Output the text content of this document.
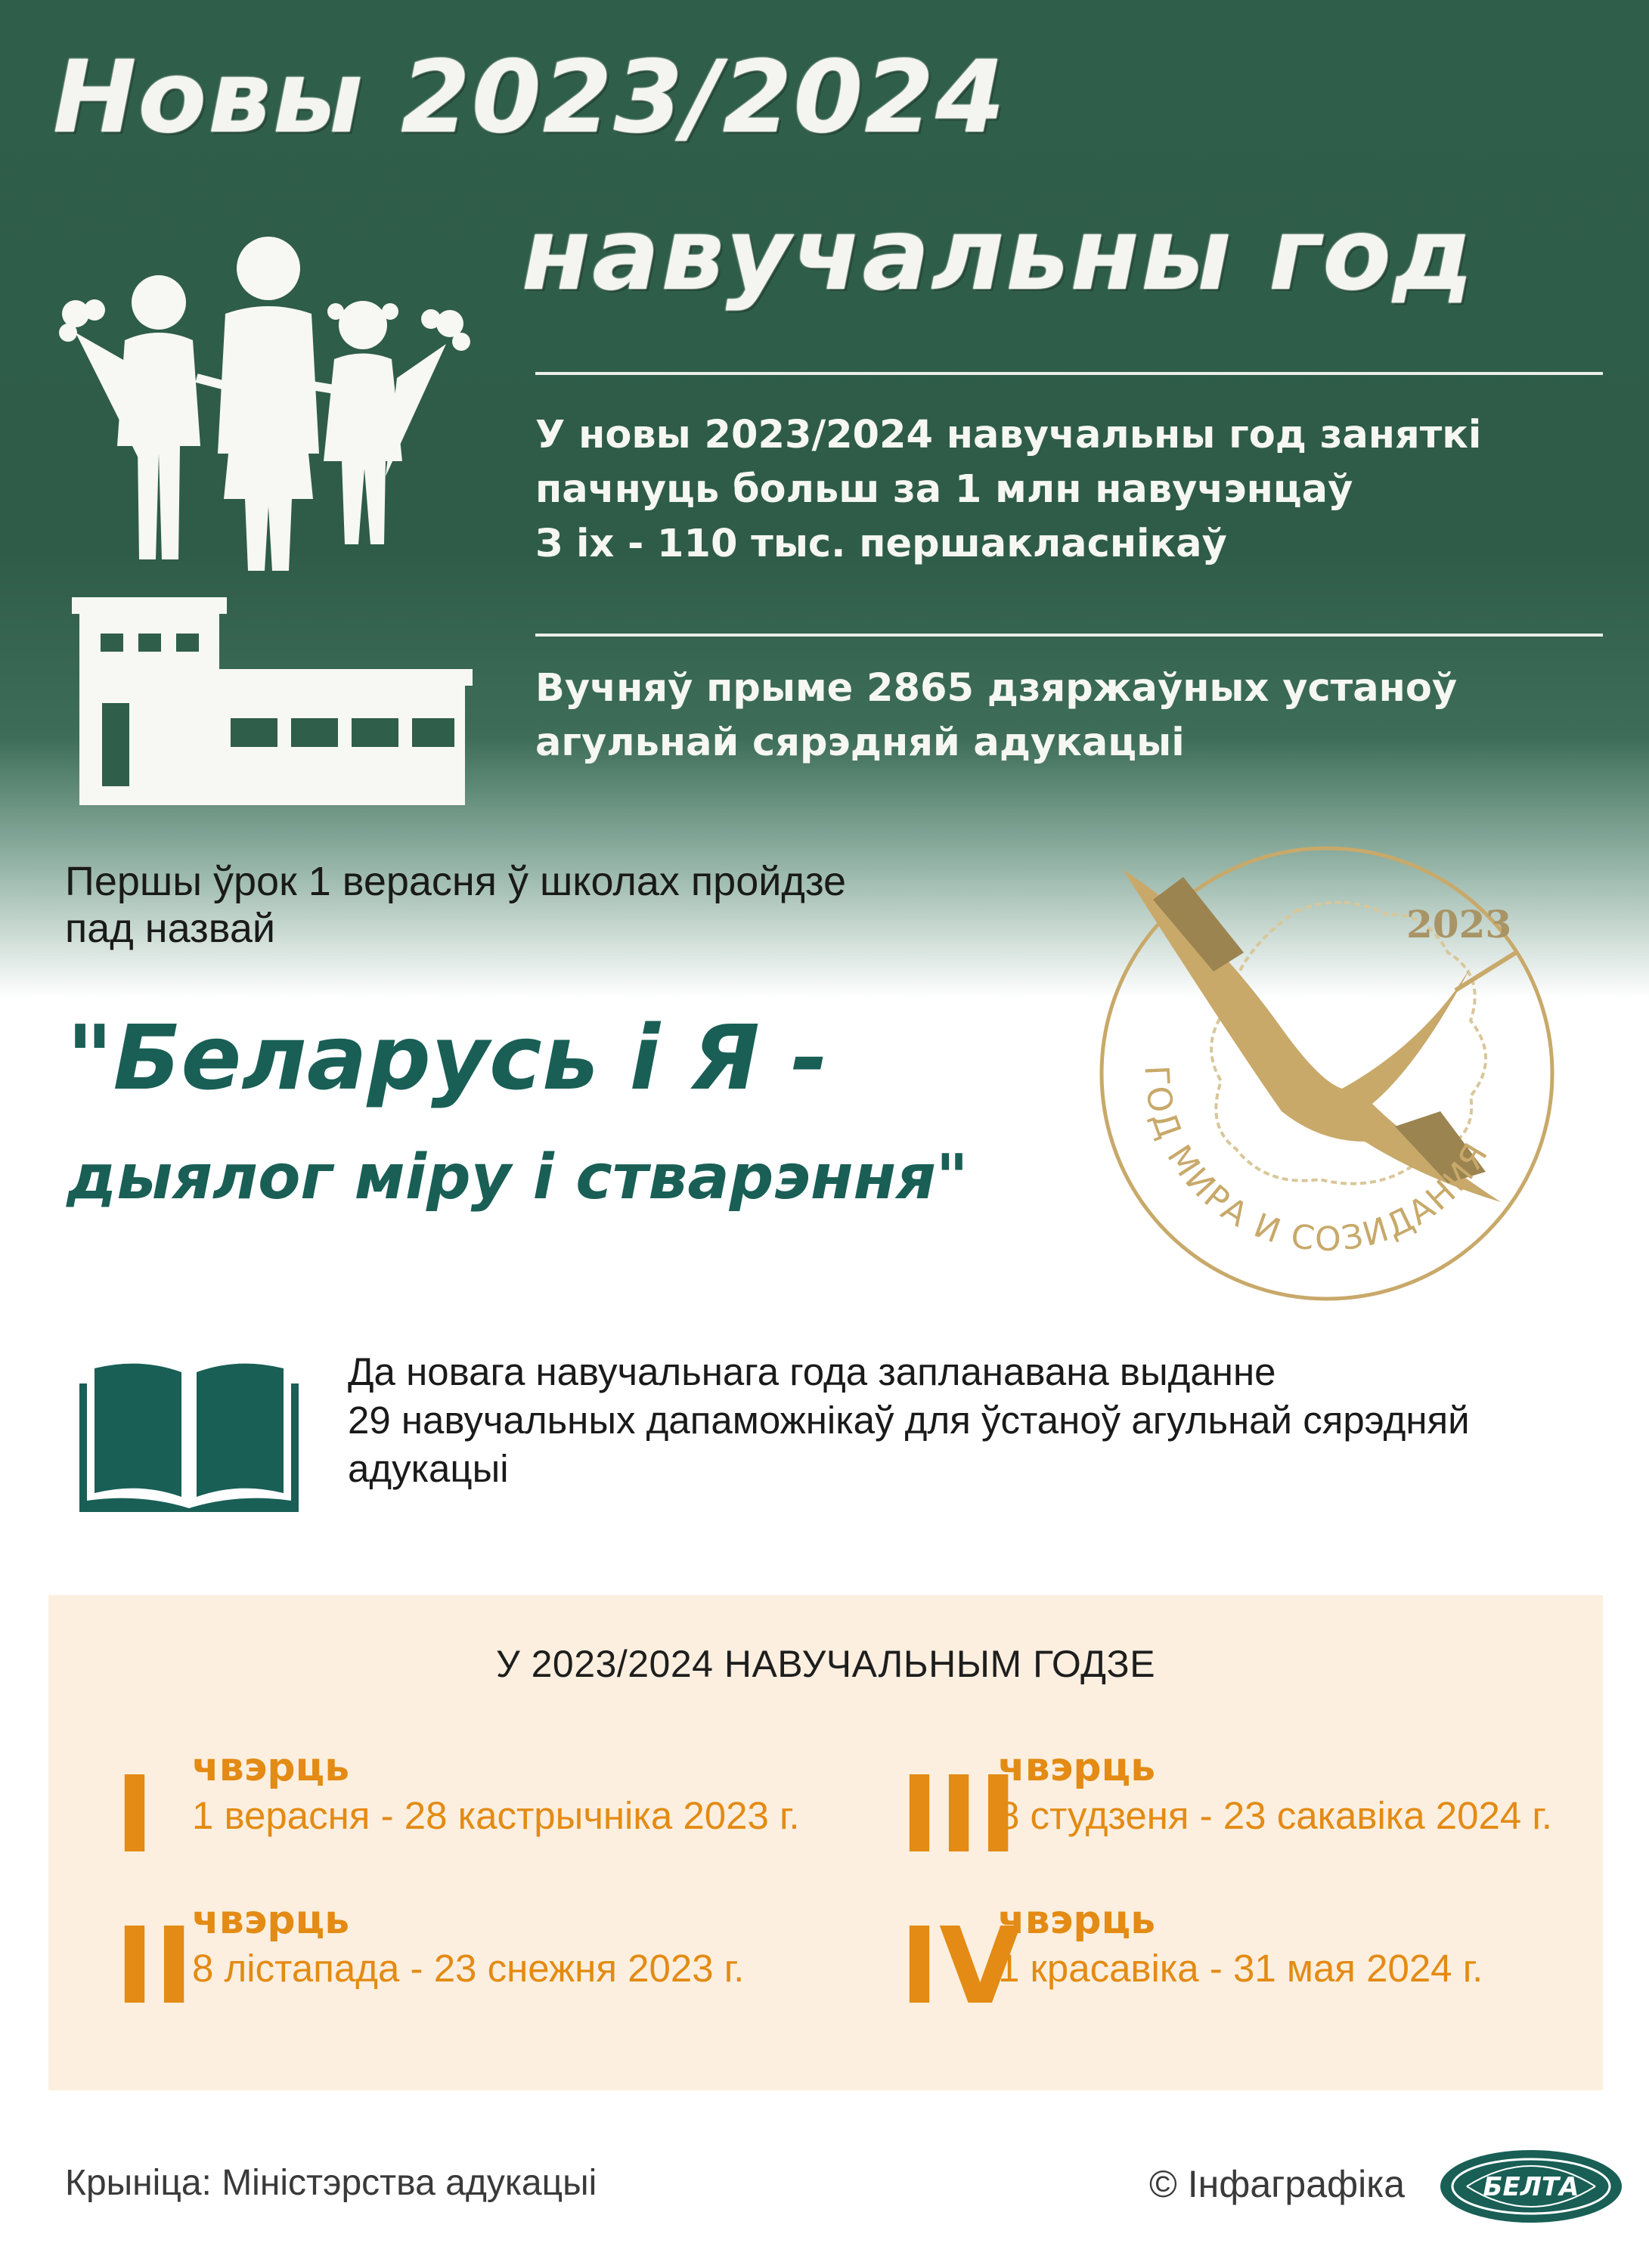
Новы 2023/2024
навучальны год
У новы 2023/2024 навучальны год заняткі
пачнуць больш за 1 млн навучэнцаў
З іх - 110 тыс. першакласнікаў
Вучняў прыме 2865 дзяржаўных устаноў
агульнай сярэдняй адукацыі
Першы ўрок 1 верасня ў школах пройдзе
пад назвай
"Беларусь і Я -
дыялог міру і стварэння"
2023
ГОД МИРА И СОЗИДАНИЯ
Да новага навучальнага года запланавана выданне
29 навучальных дапаможнікаў для ўстаноў агульнай сярэдняй
адукацыі
У 2023/2024 НАВУЧАЛЬНЫМ ГОДЗЕ
I чвэрць
1 верасня - 28 кастрычніка 2023 г.
II
чвэрць
8 лістапада - 23 снежня 2023 г.
III
чвэрць
8 студзеня - 23 сакавіка 2024 г.
IV
чвэрць
1 красавіка - 31 мая 2024 г.
Крыніца: Міністэрства адукацыі	© Інфаграфіка	БЕЛТА
